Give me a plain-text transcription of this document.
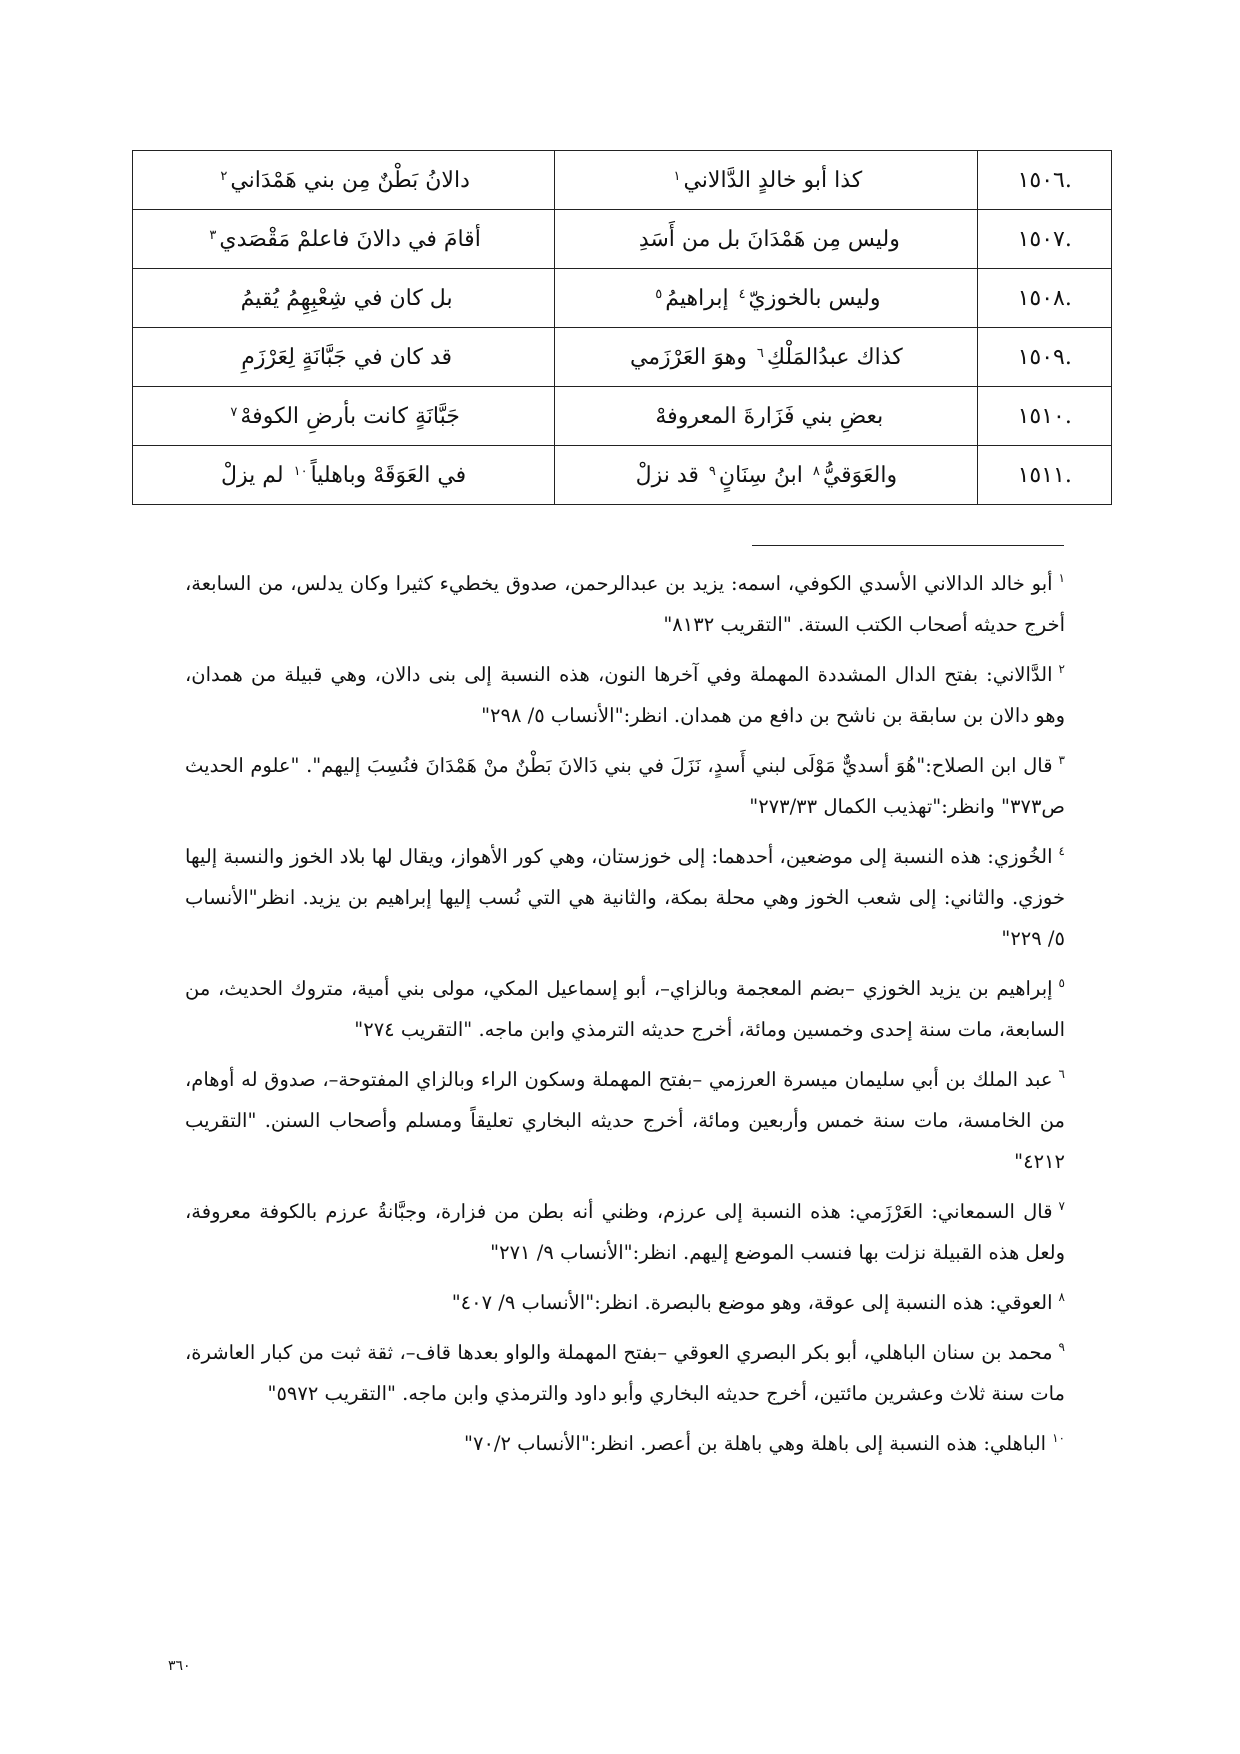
.١٥٠٦	كذا أبو خالدٍ الدَّالاني$^١$	دالانُ بَطْنٌ مِن بني هَمْدَاني$^٢$
.١٥٠٧	وليس مِن هَمْدَانَ بل من أَسَدِ	أقامَ في دالانَ فاعلمْ مَقْصَدي$^٣$
.١٥٠٨	وليس بالخوزيّ$^٤$ إبراهيمُ$^٥$	بل كان في شِعْبِهِمُ يُقيمُ
.١٥٠٩	كذاك عبدُالمَلْكِ$^٦$ وهوَ العَرْزَمي	قد كان في جَبَّانَةٍ لِعَرْزَمِ
.١٥١٠	بعضِ بني فَزَارةَ المعروفهْ	جَبَّانَةٍ كانت بأرضِ الكوفهْ$^٧$
.١٥١١	والعَوَقيُّ$^٨$ ابنُ سِنَانٍ$^٩$ قد نزلْ	في العَوَقَهْ وباهلياً$^{١٠}$ لم يزلْ

$^١$أبو خالد الدالاني الأسدي الكوفي، اسمه: يزيد بن عبدالرحمن، صدوق يخطيء كثيرا وكان يدلس، من السابعة، أخرج حديثه أصحاب الكتب الستة. "التقريب ٨١٣٢"

$^٢$الدَّالاني: بفتح الدال المشددة المهملة وفي آخرها النون، هذه النسبة إلى بنى دالان، وهي قبيلة من همدان، وهو دالان بن سابقة بن ناشح بن دافع من همدان. انظر:"الأنساب ٥/ ٢٩٨"

$^٣$قال ابن الصلاح:"هُوَ أسديٌّ مَوْلَى لبني أَسدٍ، نَزَلَ في بني دَالانَ بَطْنٌ منْ هَمْدَانَ فنُسِبَ إليهم". "علوم الحديث ص٣٧٣" وانظر:"تهذيب الكمال ٢٧٣/٣٣"

$^٤$الخُوزي: هذه النسبة إلى موضعين، أحدهما: إلى خوزستان، وهي كور الأهواز، ويقال لها بلاد الخوز والنسبة إليها خوزي. والثاني: إلى شعب الخوز وهي محلة بمكة، والثانية هي التي نُسب إليها إبراهيم بن يزيد. انظر"الأنساب ٥/ ٢٢٩"

$^٥$إبراهيم بن يزيد الخوزي –بضم المعجمة وبالزاي–، أبو إسماعيل المكي، مولى بني أمية، متروك الحديث، من السابعة، مات سنة إحدى وخمسين ومائة، أخرج حديثه الترمذي وابن ماجه. "التقريب ٢٧٤"

$^٦$عبد الملك بن أبي سليمان ميسرة العرزمي –بفتح المهملة وسكون الراء وبالزاي المفتوحة–، صدوق له أوهام، من الخامسة، مات سنة خمس وأربعين ومائة، أخرج حديثه البخاري تعليقاً ومسلم وأصحاب السنن. "التقريب ٤٢١٢"

$^٧$قال السمعاني: العَرْزَمي: هذه النسبة إلى عرزم، وظني أنه بطن من فزارة، وجبَّانةُ عرزم بالكوفة معروفة، ولعل هذه القبيلة نزلت بها فنسب الموضع إليهم. انظر:"الأنساب ٩/ ٢٧١"

$^٨$العوقي: هذه النسبة إلى عوقة، وهو موضع بالبصرة. انظر:"الأنساب ٩/ ٤٠٧"

$^٩$محمد بن سنان الباهلي، أبو بكر البصري العوقي –بفتح المهملة والواو بعدها قاف–، ثقة ثبت من كبار العاشرة، مات سنة ثلاث وعشرين مائتين، أخرج حديثه البخاري وأبو داود والترمذي وابن ماجه. "التقريب ٥٩٧٢"

$^{١٠}$الباهلي: هذه النسبة إلى باهلة وهي باهلة بن أعصر. انظر:"الأنساب ٧٠/٢"

٣٦٠
